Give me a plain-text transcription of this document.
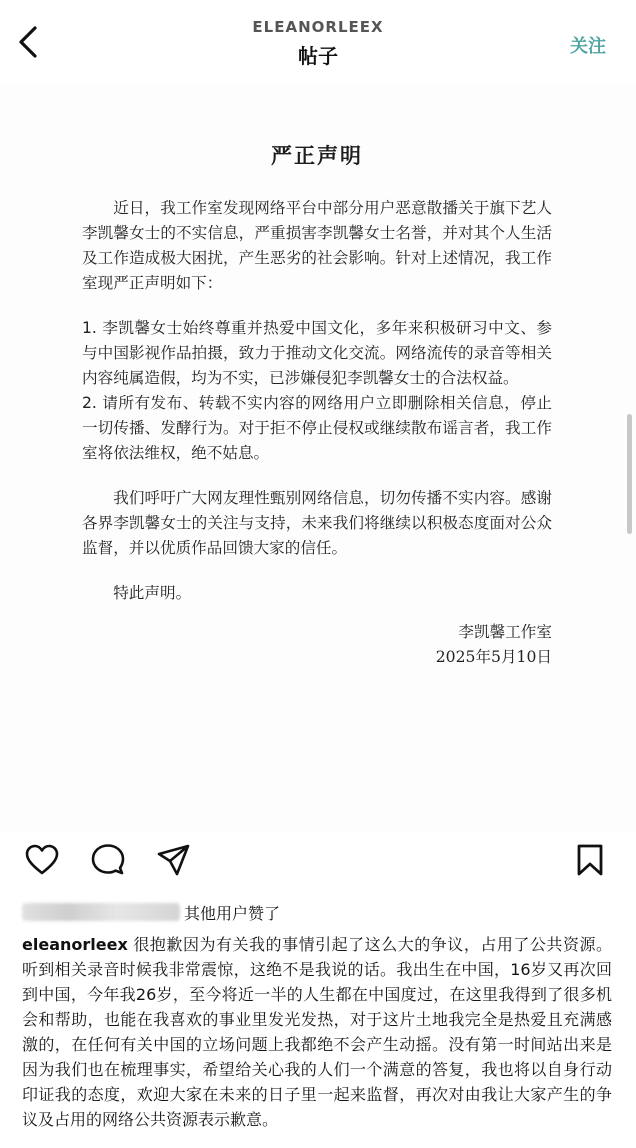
ELEANORLEEX
帖子	关注
严正声明
近日，我工作室发现网络平台中部分用户恶意散播关于旗下艺人李凯馨女士的不实信息，严重损害李凯馨女士名誉，并对其个人生活及工作造成极大困扰，产生恶劣的社会影响。针对上述情况，我工作室现严正声明如下：
1. 李凯馨女士始终尊重并热爱中国文化，多年来积极研习中文、参与中国影视作品拍摄，致力于推动文化交流。网络流传的录音等相关内容纯属造假，均为不实，已涉嫌侵犯李凯馨女士的合法权益。
2. 请所有发布、转载不实内容的网络用户立即删除相关信息，停止一切传播、发酵行为。对于拒不停止侵权或继续散布谣言者，我工作室将依法维权，绝不姑息。
我们呼吁广大网友理性甄别网络信息，切勿传播不实内容。感谢各界李凯馨女士的关注与支持，未来我们将继续以积极态度面对公众监督，并以优质作品回馈大家的信任。
特此声明。
李凯馨工作室
2025年5月10日
其他用户赞了
eleanorleex 很抱歉因为有关我的事情引起了这么大的争议，占用了公共资源。听到相关录音时候我非常震惊，这绝不是我说的话。我出生在中国，16岁又再次回到中国，今年我26岁，至今将近一半的人生都在中国度过，在这里我得到了很多机会和帮助，也能在我喜欢的事业里发光发热，对于这片土地我完全是热爱且充满感激的，在任何有关中国的立场问题上我都绝不会产生动摇。没有第一时间站出来是因为我们也在梳理事实，希望给关心我的人们一个满意的答复，我也将以自身行动印证我的态度，欢迎大家在未来的日子里一起来监督，再次对由我让大家产生的争议及占用的网络公共资源表示歉意。
